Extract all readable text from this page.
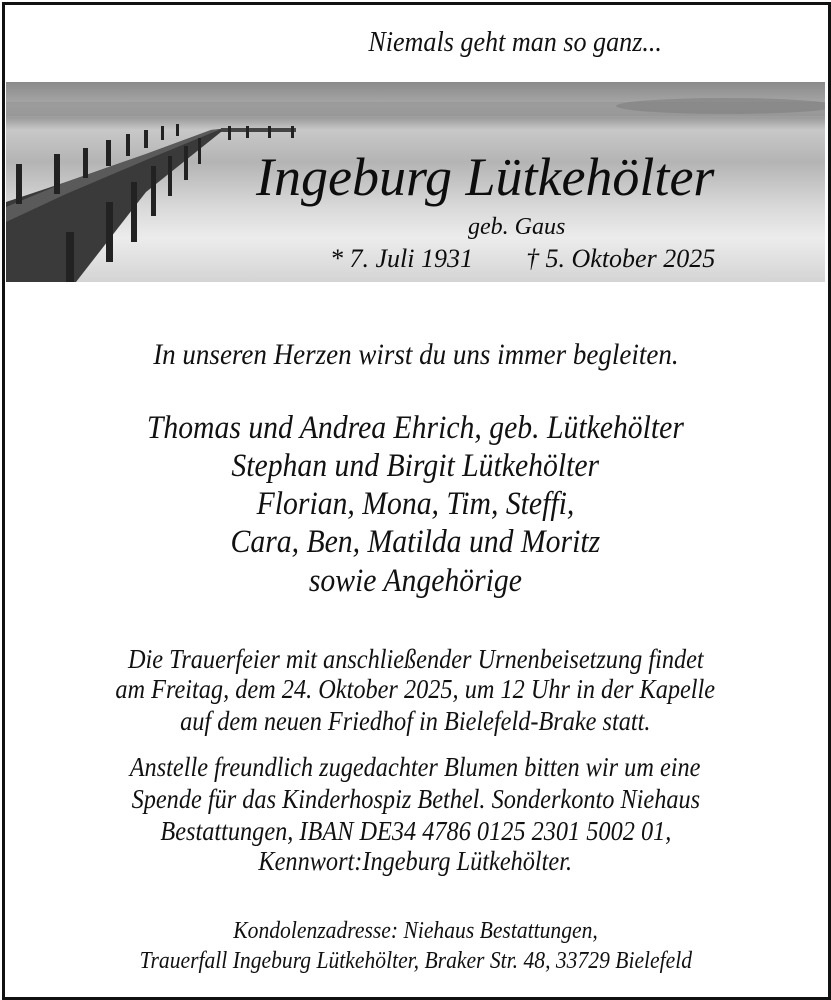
Niemals geht man so ganz...
Ingeburg Lütkehölter
geb. Gaus
* 7. Juli 1931 † 5. Oktober 2025
In unseren Herzen wirst du uns immer begleiten.
Thomas und Andrea Ehrich, geb. Lütkehölter
Stephan und Birgit Lütkehölter
Florian, Mona, Tim, Steffi,
Cara, Ben, Matilda und Moritz
sowie Angehörige
Die Trauerfeier mit anschließender Urnenbeisetzung findet
am Freitag, dem 24. Oktober 2025, um 12 Uhr in der Kapelle
auf dem neuen Friedhof in Bielefeld-Brake statt.
Anstelle freundlich zugedachter Blumen bitten wir um eine
Spende für das Kinderhospiz Bethel. Sonderkonto Niehaus
Bestattungen, IBAN DE34 4786 0125 2301 5002 01,
Kennwort:Ingeburg Lütkehölter.
Kondolenzadresse: Niehaus Bestattungen,
Trauerfall Ingeburg Lütkehölter, Braker Str. 48, 33729 Bielefeld
